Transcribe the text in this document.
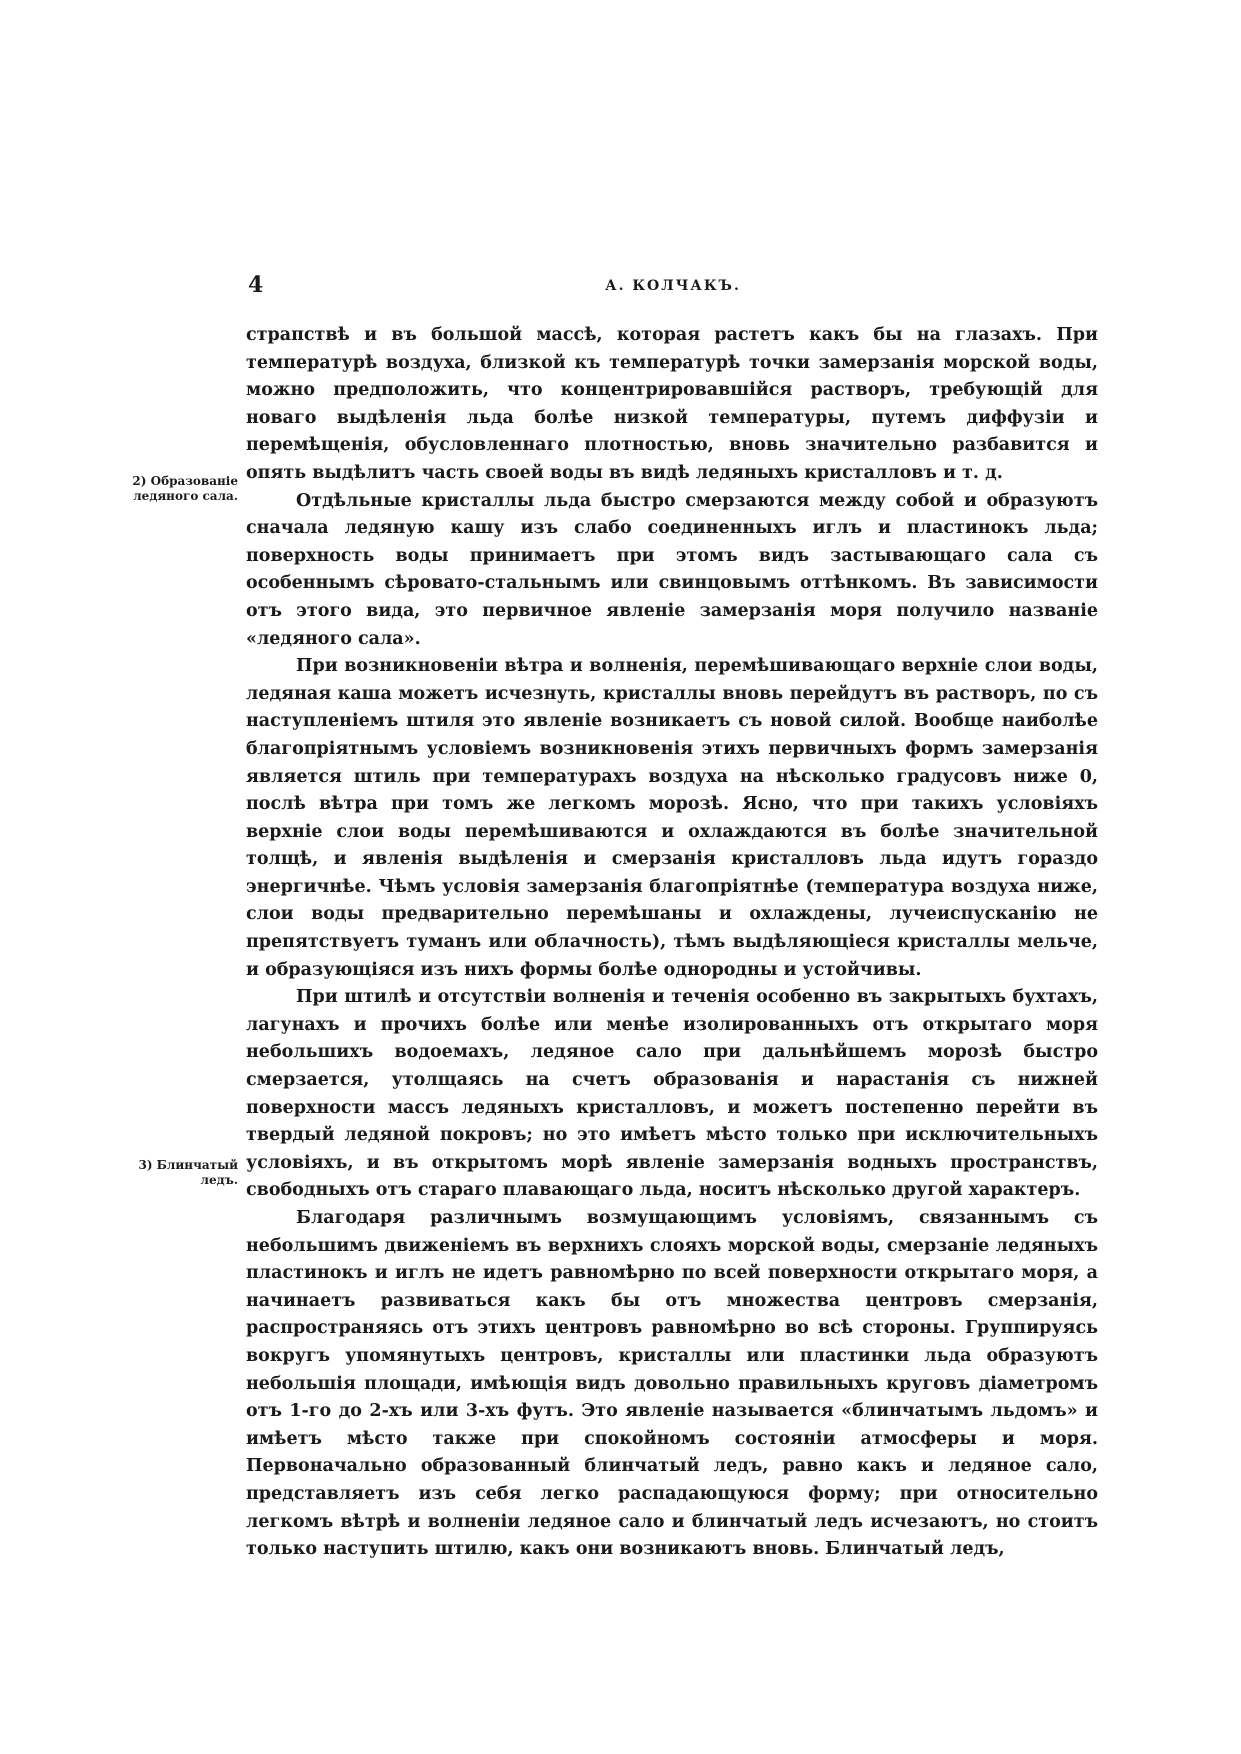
4	А. КОЛЧАКЪ.
2) Образованіе ледяного сала.
3) Блинчатый ледъ.

страпствѣ и въ большой массѣ, которая растетъ какъ бы на глазахъ. При температурѣ воздуха, близкой къ температурѣ точки замерзанія морской воды, можно предположить, что концентрировавшійся растворъ, требующій для новаго выдѣленія льда болѣе низкой температуры, путемъ диффузіи и перемѣщенія, обусловленнаго плотностью, вновь значительно разбавится и опять выдѣлитъ часть своей воды въ видѣ ледяныхъ кристалловъ и т. д.

Отдѣльные кристаллы льда быстро смерзаются между собой и образуютъ сначала ледяную кашу изъ слабо соединенныхъ иглъ и пластинокъ льда; поверхность воды принимаетъ при этомъ видъ застывающаго сала съ особеннымъ сѣровато-стальнымъ или свинцовымъ оттѣнкомъ. Въ зависимости отъ этого вида, это первичное явленіе замерзанія моря получило названіе «ледяного сала».

При возникновеніи вѣтра и волненія, перемѣшивающаго верхніе слои воды, ледяная каша можетъ исчезнуть, кристаллы вновь перейдутъ въ растворъ, по съ наступленіемъ штиля это явленіе возникаетъ съ новой силой. Вообще наиболѣе благопріятнымъ условіемъ возникновенія этихъ первичныхъ формъ замерзанія является штиль при температурахъ воздуха на нѣсколько градусовъ ниже 0, послѣ вѣтра при томъ же легкомъ морозѣ. Ясно, что при такихъ условіяхъ верхніе слои воды перемѣшиваются и охлаждаются въ болѣе значительной толщѣ, и явленія выдѣленія и смерзанія кристалловъ льда идутъ гораздо энергичнѣе. Чѣмъ условія замерзанія благопріятнѣе (температура воздуха ниже, слои воды предварительно перемѣшаны и охлаждены, лучеиспусканію не препятствуетъ туманъ или облачность), тѣмъ выдѣляющіеся кристаллы мельче, и образующіяся изъ нихъ формы болѣе однородны и устойчивы.

При штилѣ и отсутствіи волненія и теченія особенно въ закрытыхъ бухтахъ, лагунахъ и прочихъ болѣе или менѣе изолированныхъ отъ открытаго моря небольшихъ водоемахъ, ледяное сало при дальнѣйшемъ морозѣ быстро смерзается, утолщаясь на счетъ образованія и нарастанія съ нижней поверхности массъ ледяныхъ кристалловъ, и можетъ постепенно перейти въ твердый ледяной покровъ; но это имѣетъ мѣсто только при исключительныхъ условіяхъ, и въ открытомъ морѣ явленіе замерзанія водныхъ пространствъ, свободныхъ отъ стараго плавающаго льда, носитъ нѣсколько другой характеръ.

Благодаря различнымъ возмущающимъ условіямъ, связаннымъ съ небольшимъ движеніемъ въ верхнихъ слояхъ морской воды, смерзаніе ледяныхъ пластинокъ и иглъ не идетъ равномѣрно по всей поверхности открытаго моря, а начинаетъ развиваться какъ бы отъ множества центровъ смерзанія, распространяясь отъ этихъ центровъ равномѣрно во всѣ стороны. Группируясь вокругъ упомянутыхъ центровъ, кристаллы или пластинки льда образуютъ небольшія площади, имѣющія видъ довольно правильныхъ круговъ діаметромъ отъ 1-го до 2-хъ или 3-хъ футъ. Это явленіе называется «блинчатымъ льдомъ» и имѣетъ мѣсто также при спокойномъ состояніи атмосферы и моря. Первоначально образованный блинчатый ледъ, равно какъ и ледяное сало, представляетъ изъ себя легко распадающуюся форму; при относительно легкомъ вѣтрѣ и волненіи ледяное сало и блинчатый ледъ исчезаютъ, но стоитъ только наступить штилю, какъ они возникаютъ вновь. Блинчатый ледъ,
